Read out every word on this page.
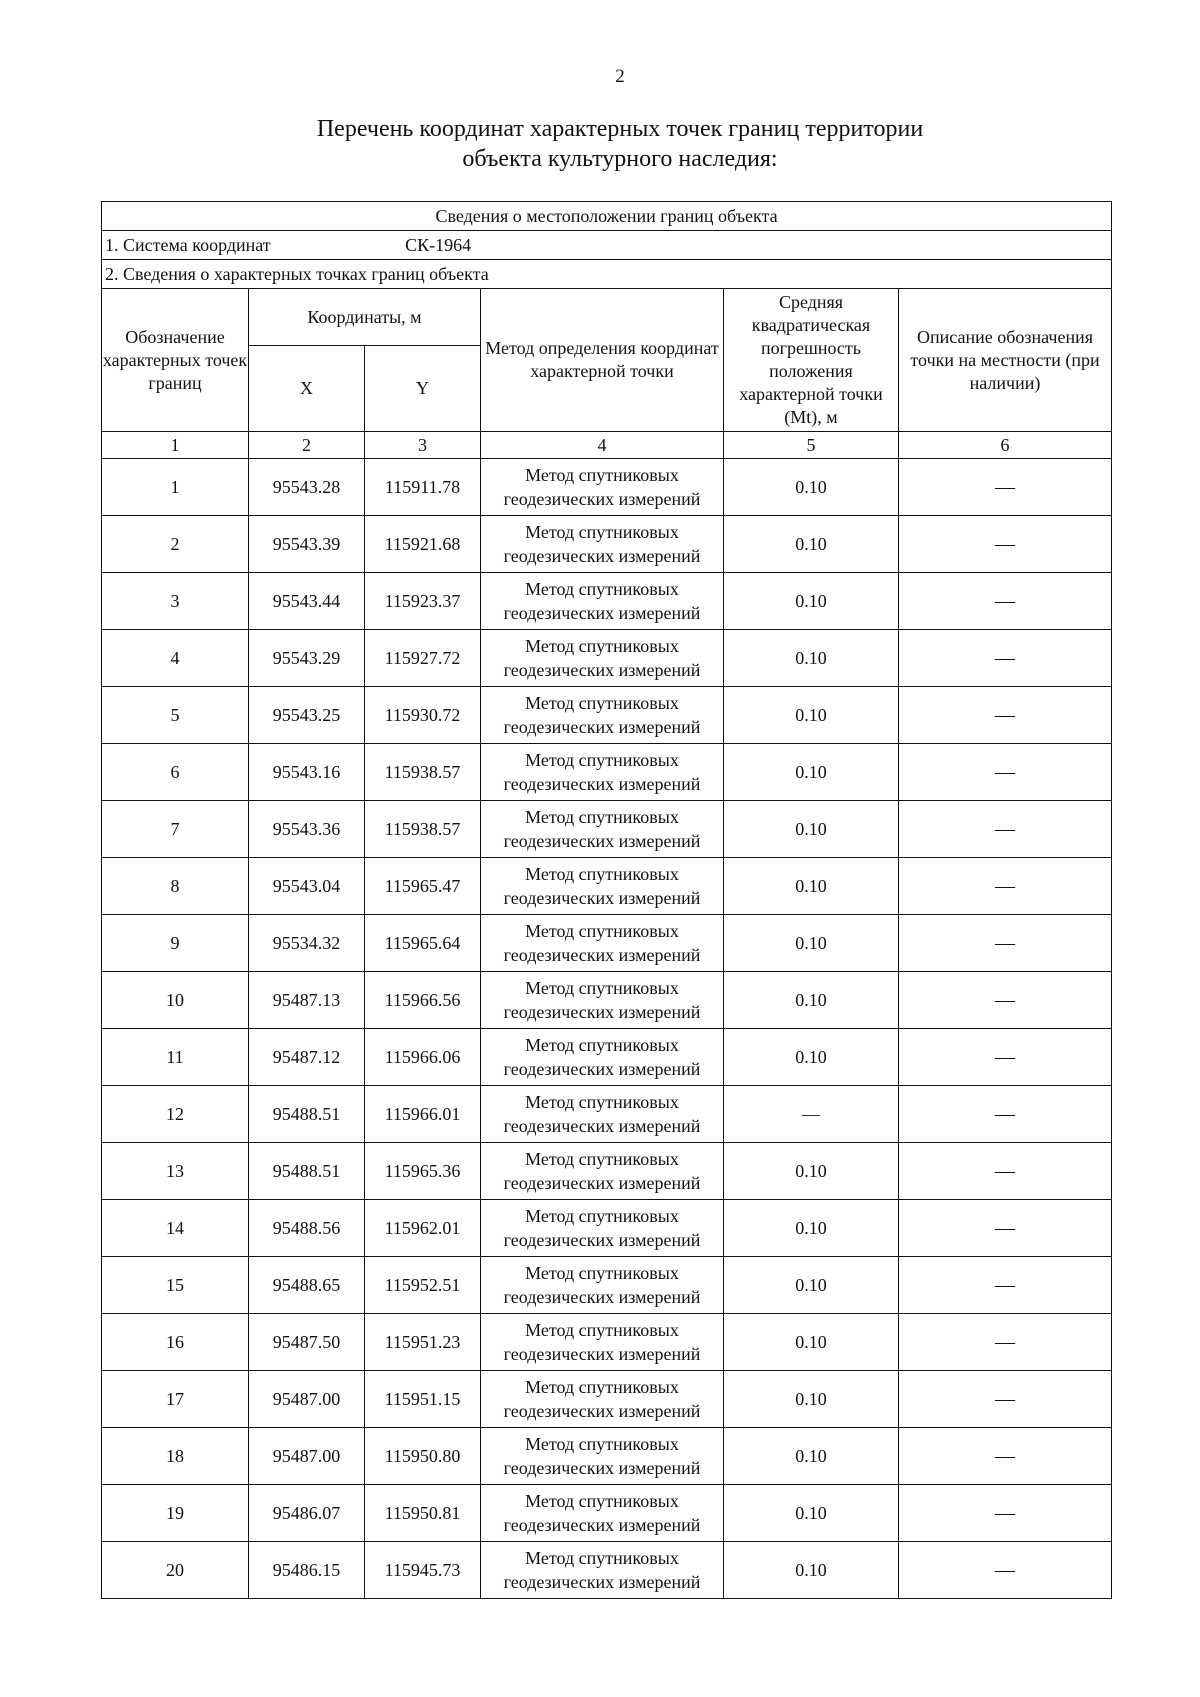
2
Перечень координат характерных точек границ территории
объекта культурного наследия:
Сведения о местоположении границ объекта					
1. Система координат СК-1964					
2. Сведения о характерных точках границ объекта					
Обозначение характерных точек границ	Координаты, м		Метод определения координат характерной точки	Средняя квадратическая погрешность положения характерной точки (Mt), м	Описание обозначения точки на местности (при наличии)
	X	Y			
1	2	3	4	5	6
1	95543.28	115911.78	Метод спутниковых геодезических измерений	0.10	—
2	95543.39	115921.68	Метод спутниковых геодезических измерений	0.10	—
3	95543.44	115923.37	Метод спутниковых геодезических измерений	0.10	—
4	95543.29	115927.72	Метод спутниковых геодезических измерений	0.10	—
5	95543.25	115930.72	Метод спутниковых геодезических измерений	0.10	—
6	95543.16	115938.57	Метод спутниковых геодезических измерений	0.10	—
7	95543.36	115938.57	Метод спутниковых геодезических измерений	0.10	—
8	95543.04	115965.47	Метод спутниковых геодезических измерений	0.10	—
9	95534.32	115965.64	Метод спутниковых геодезических измерений	0.10	—
10	95487.13	115966.56	Метод спутниковых геодезических измерений	0.10	—
11	95487.12	115966.06	Метод спутниковых геодезических измерений	0.10	—
12	95488.51	115966.01	Метод спутниковых геодезических измерений	—	—
13	95488.51	115965.36	Метод спутниковых геодезических измерений	0.10	—
14	95488.56	115962.01	Метод спутниковых геодезических измерений	0.10	—
15	95488.65	115952.51	Метод спутниковых геодезических измерений	0.10	—
16	95487.50	115951.23	Метод спутниковых геодезических измерений	0.10	—
17	95487.00	115951.15	Метод спутниковых геодезических измерений	0.10	—
18	95487.00	115950.80	Метод спутниковых геодезических измерений	0.10	—
19	95486.07	115950.81	Метод спутниковых геодезических измерений	0.10	—
20	95486.15	115945.73	Метод спутниковых геодезических измерений	0.10	—
